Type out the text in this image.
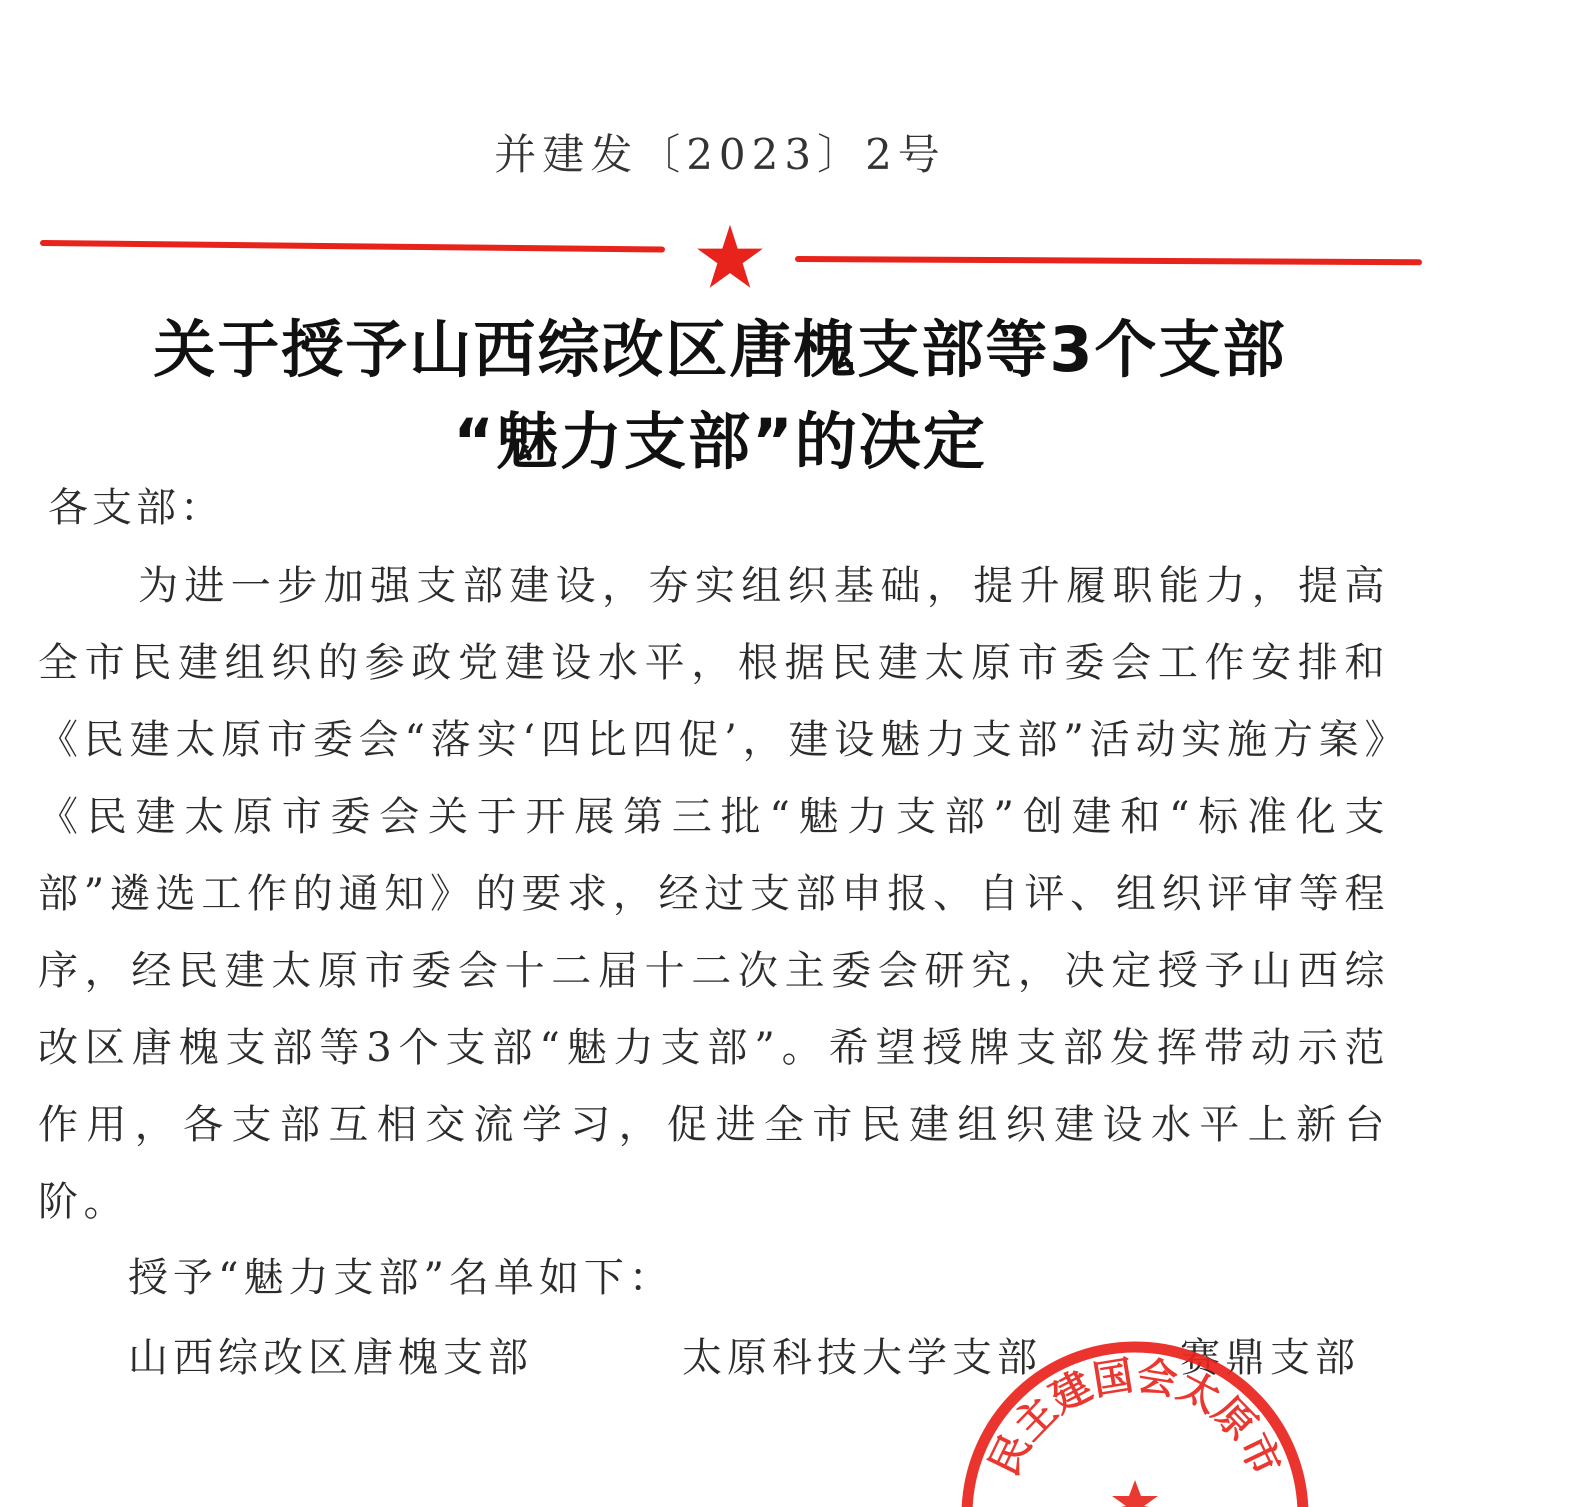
并建发〔2023〕2号
关于授予山西综改区唐槐支部等3个支部
“魅力支部”的决定
各支部：
为进一步加强支部建设，夯实组织基础，提升履职能力，提高全市民建组织的参政党建设水平，根据民建太原市委会工作安排和《民建太原市委会“落实‘四比四促’，建设魅力支部”活动实施方案》《民建太原市委会关于开展第三批“魅力支部”创建和“标准化支部”遴选工作的通知》的要求，经过支部申报、自评、组织评审等程序，经民建太原市委会十二届十二次主委会研究，决定授予山西综改区唐槐支部等3个支部“魅力支部”。希望授牌支部发挥带动示范作用，各支部互相交流学习，促进全市民建组织建设水平上新台阶。
授予“魅力支部”名单如下：
山西综改区唐槐支部	太原科技大学支部	赛鼎支部
民主建国会太原市
